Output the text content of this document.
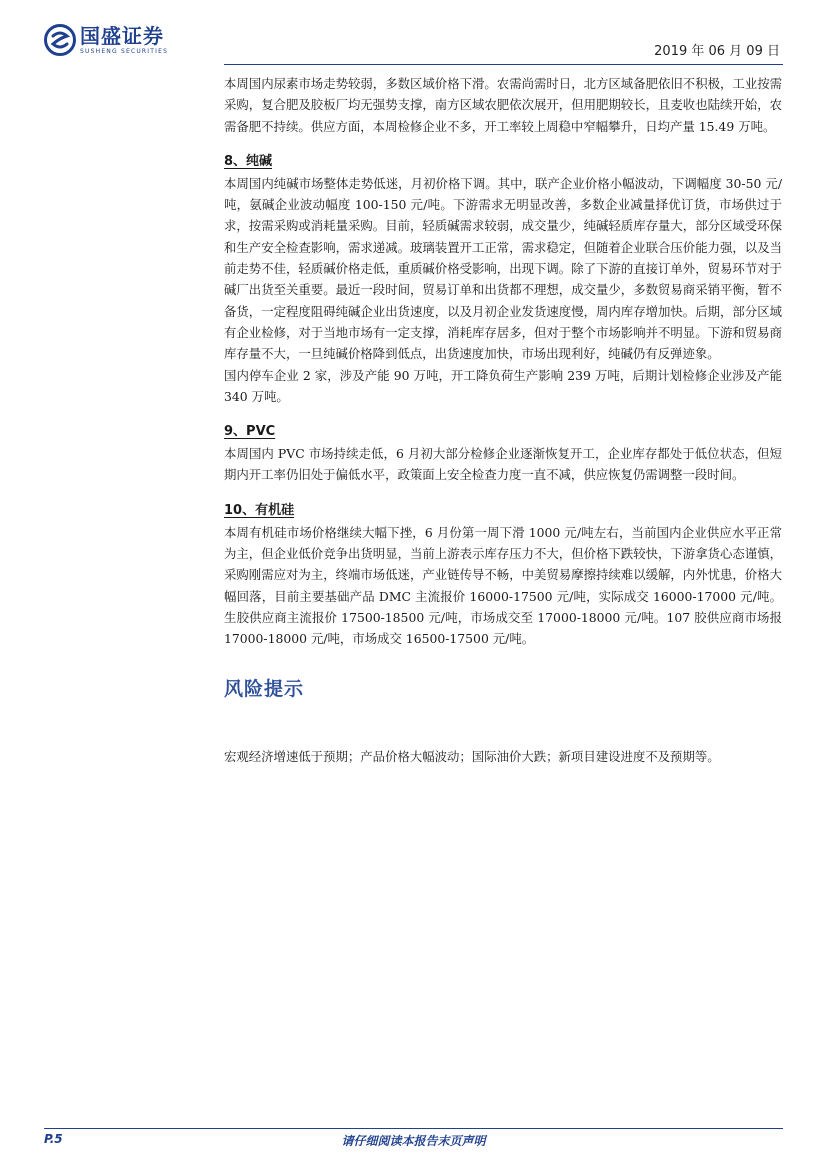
国盛证券
SUSHENG SECURITIES	2019 年 06 月 09 日

本周国内尿素市场走势较弱，多数区域价格下滑。农需尚需时日，北方区域备肥依旧不积极，工业按需采购，复合肥及胶板厂均无强势支撑，南方区域农肥依次展开，但用肥期较长，且麦收也陆续开始，农需备肥不持续。供应方面，本周检修企业不多，开工率较上周稳中窄幅攀升，日均产量 15.49 万吨。

8、纯碱

本周国内纯碱市场整体走势低迷，月初价格下调。其中，联产企业价格小幅波动，下调幅度 30-50 元/吨，氨碱企业波动幅度 100-150 元/吨。下游需求无明显改善，多数企业减量择优订货，市场供过于求，按需采购或消耗量采购。目前，轻质碱需求较弱，成交量少，纯碱轻质库存量大，部分区域受环保和生产安全检查影响，需求递减。玻璃装置开工正常，需求稳定，但随着企业联合压价能力强，以及当前走势不佳，轻质碱价格走低，重质碱价格受影响，出现下调。除了下游的直接订单外，贸易环节对于碱厂出货至关重要。最近一段时间，贸易订单和出货都不理想，成交量少，多数贸易商采销平衡，暂不备货，一定程度阻碍纯碱企业出货速度，以及月初企业发货速度慢，周内库存增加快。后期，部分区域有企业检修，对于当地市场有一定支撑，消耗库存居多，但对于整个市场影响并不明显。下游和贸易商库存量不大，一旦纯碱价格降到低点，出货速度加快，市场出现利好，纯碱仍有反弹迹象。

国内停车企业 2 家，涉及产能 90 万吨，开工降负荷生产影响 239 万吨，后期计划检修企业涉及产能 340 万吨。

9、PVC

本周国内 PVC 市场持续走低，6 月初大部分检修企业逐渐恢复开工，企业库存都处于低位状态，但短期内开工率仍旧处于偏低水平，政策面上安全检查力度一直不减，供应恢复仍需调整一段时间。

10、有机硅

本周有机硅市场价格继续大幅下挫，6 月份第一周下滑 1000 元/吨左右，当前国内企业供应水平正常为主，但企业低价竞争出货明显，当前上游表示库存压力不大，但价格下跌较快，下游拿货心态谨慎，采购刚需应对为主，终端市场低迷，产业链传导不畅，中美贸易摩擦持续难以缓解，内外忧患，价格大幅回落，目前主要基础产品 DMC 主流报价 16000-17500 元/吨，实际成交 16000-17000 元/吨。生胶供应商主流报价 17500-18500 元/吨，市场成交至 17000-18000 元/吨。107 胶供应商市场报 17000-18000 元/吨，市场成交 16500-17500 元/吨。

风险提示

宏观经济增速低于预期；产品价格大幅波动；国际油价大跌；新项目建设进度不及预期等。

P.5	请仔细阅读本报告末页声明
